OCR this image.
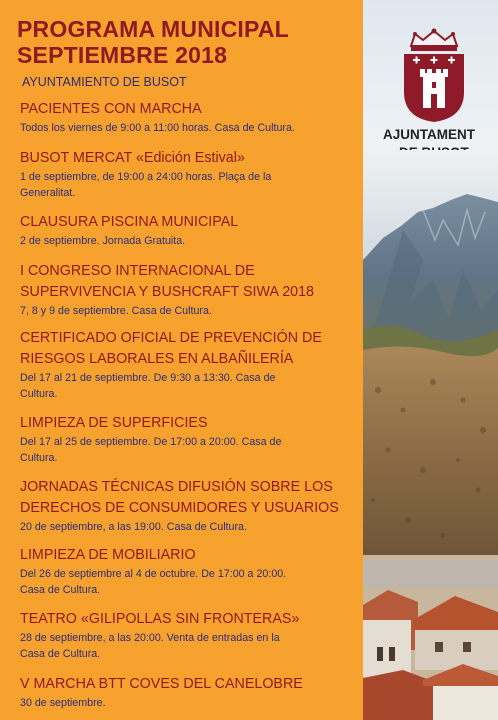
PROGRAMA MUNICIPAL
SEPTIEMBRE 2018
AYUNTAMIENTO DE BUSOT

PACIENTES CON MARCHA

Todos los viernes de 9:00 a 11:00 horas. Casa de Cultura.

BUSOT MERCAT «Edición Estival»

1 de septiembre, de 19:00 a 24:00 horas. Plaça de la

Generalitat.

CLAUSURA PISCINA MUNICIPAL

2 de septiembre. Jornada Gratuita.

I CONGRESO INTERNACIONAL DE

SUPERVIVENCIA Y BUSHCRAFT SIWA 2018

7, 8 y 9 de septiembre. Casa de Cultura.

CERTIFICADO OFICIAL DE PREVENCIÓN DE

RIESGOS LABORALES EN ALBAÑILERÍA

Del 17 al 21 de septiembre. De 9:30 a 13:30. Casa de

Cultura.

LIMPIEZA DE SUPERFICIES

Del 17 al 25 de septiembre. De 17:00 a 20:00. Casa de

Cultura.

JORNADAS TÉCNICAS DIFUSIÓN SOBRE LOS

DERECHOS DE CONSUMIDORES Y USUARIOS

20 de septiembre, a las 19:00. Casa de Cultura.

LIMPIEZA DE MOBILIARIO

Del 26 de septiembre al 4 de octubre. De 17:00 a 20:00.

Casa de Cultura.

TEATRO «GILIPOLLAS SIN FRONTERAS»

28 de septiembre, a las 20:00. Venta de entradas en la

Casa de Cultura.

V MARCHA BTT COVES DEL CANELOBRE

30 de septiembre.

AJUNTAMENT
